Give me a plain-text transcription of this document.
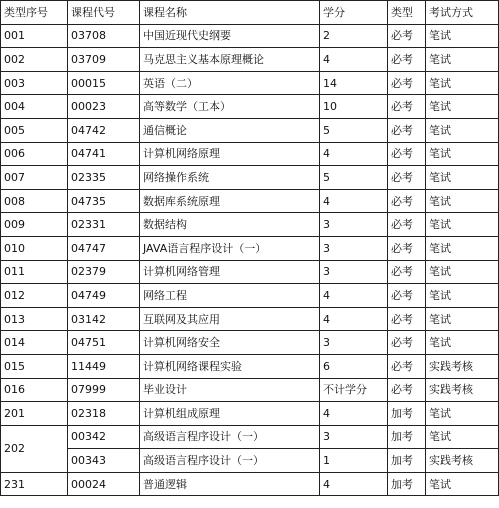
类型序号	课程代号	课程名称	学分	类型	考试方式
001	03708	中国近现代史纲要	2	必考	笔试
002	03709	马克思主义基本原理概论	4	必考	笔试
003	00015	英语（二）	14	必考	笔试
004	00023	高等数学（工本）	10	必考	笔试
005	04742	通信概论	5	必考	笔试
006	04741	计算机网络原理	4	必考	笔试
007	02335	网络操作系统	5	必考	笔试
008	04735	数据库系统原理	4	必考	笔试
009	02331	数据结构	3	必考	笔试
010	04747	JAVA语言程序设计（一）	3	必考	笔试
011	02379	计算机网络管理	3	必考	笔试
012	04749	网络工程	4	必考	笔试
013	03142	互联网及其应用	4	必考	笔试
014	04751	计算机网络安全	3	必考	笔试
015	11449	计算机网络课程实验	6	必考	实践考核
016	07999	毕业设计	不计学分	必考	实践考核
201	02318	计算机组成原理	4	加考	笔试
202	00342	高级语言程序设计（一）	3	加考	笔试
	00343	高级语言程序设计（一）	1	加考	实践考核
231	00024	普通逻辑	4	加考	笔试
